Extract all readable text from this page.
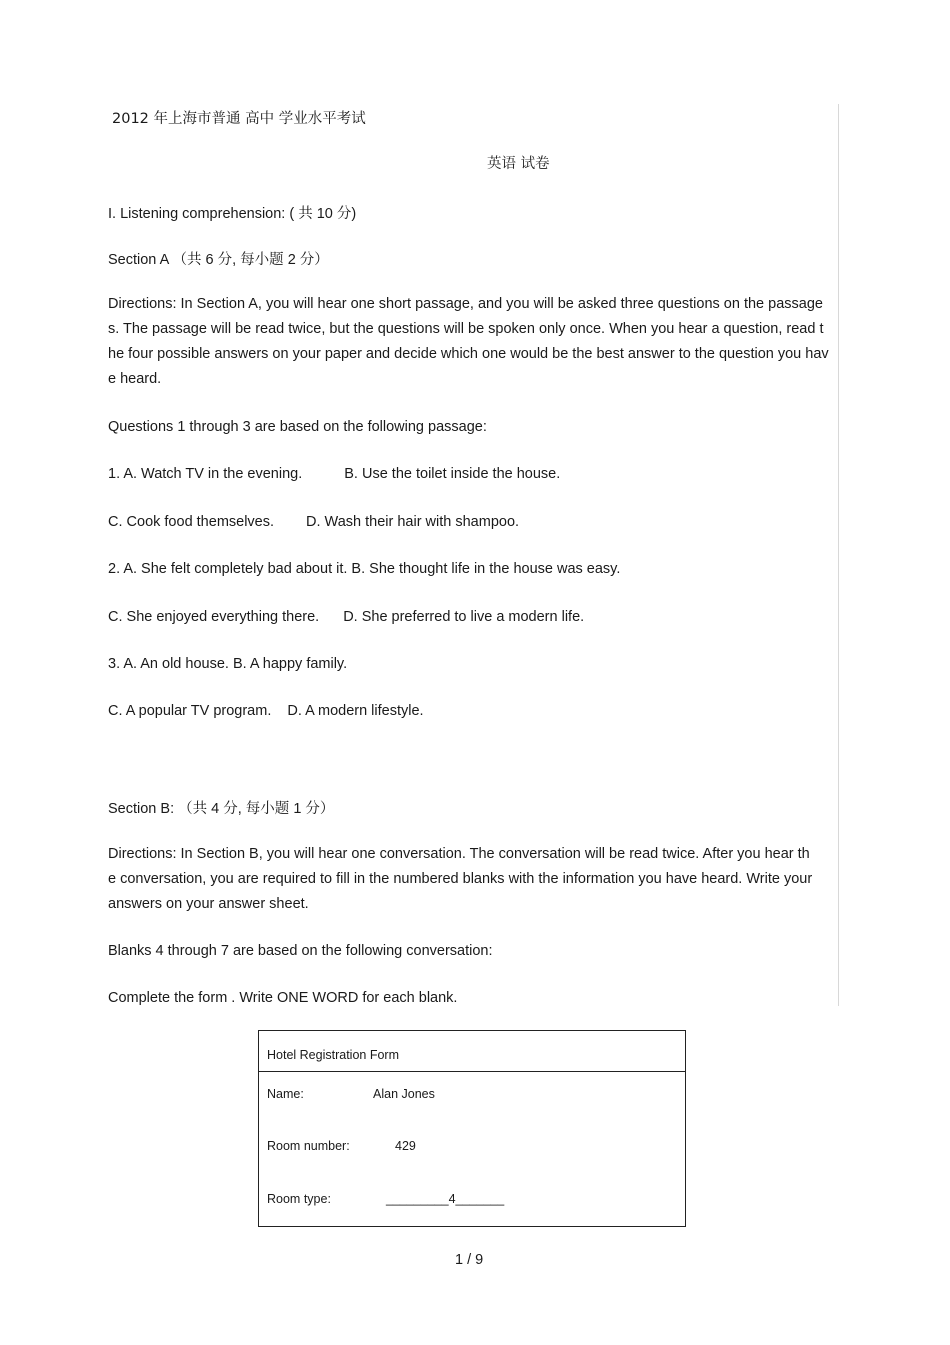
2012 年上海市普通 高中 学业水平考试
英语 试卷
I. Listening comprehension: ( 共 10 分)
Section A （共 6 分, 每小题 2 分）
Directions: In Section A, you will hear one short passage, and you will be asked three questions on the passages. The passage will be read twice, but the questions will be spoken only once. When you hear a question, read the four possible answers on your paper and decide which one would be the best answer to the question you have heard.
Questions 1 through 3 are based on the following passage:
1. A. Watch TV in the evening.	B. Use the toilet inside the house.
C. Cook food themselves. D. Wash their hair with shampoo.
2. A. She felt completely bad about it. B. She thought life in the house was easy.
C. She enjoyed everything there. D. She preferred to live a modern life.
3. A. An old house. B. A happy family.
C. A popular TV program. D. A modern lifestyle.
Section B: （共 4 分, 每小题 1 分）
Directions: In Section B, you will hear one conversation. The conversation will be read twice. After you hear the conversation, you are required to fill in the numbered blanks with the information you have heard. Write your answers on your answer sheet.
Blanks 4 through 7 are based on the following conversation:
Complete the form . Write ONE WORD for each blank.
Hotel Registration Form
Name:	Alan Jones
Room number:	429
Room type:	_________4_______
1 / 9
